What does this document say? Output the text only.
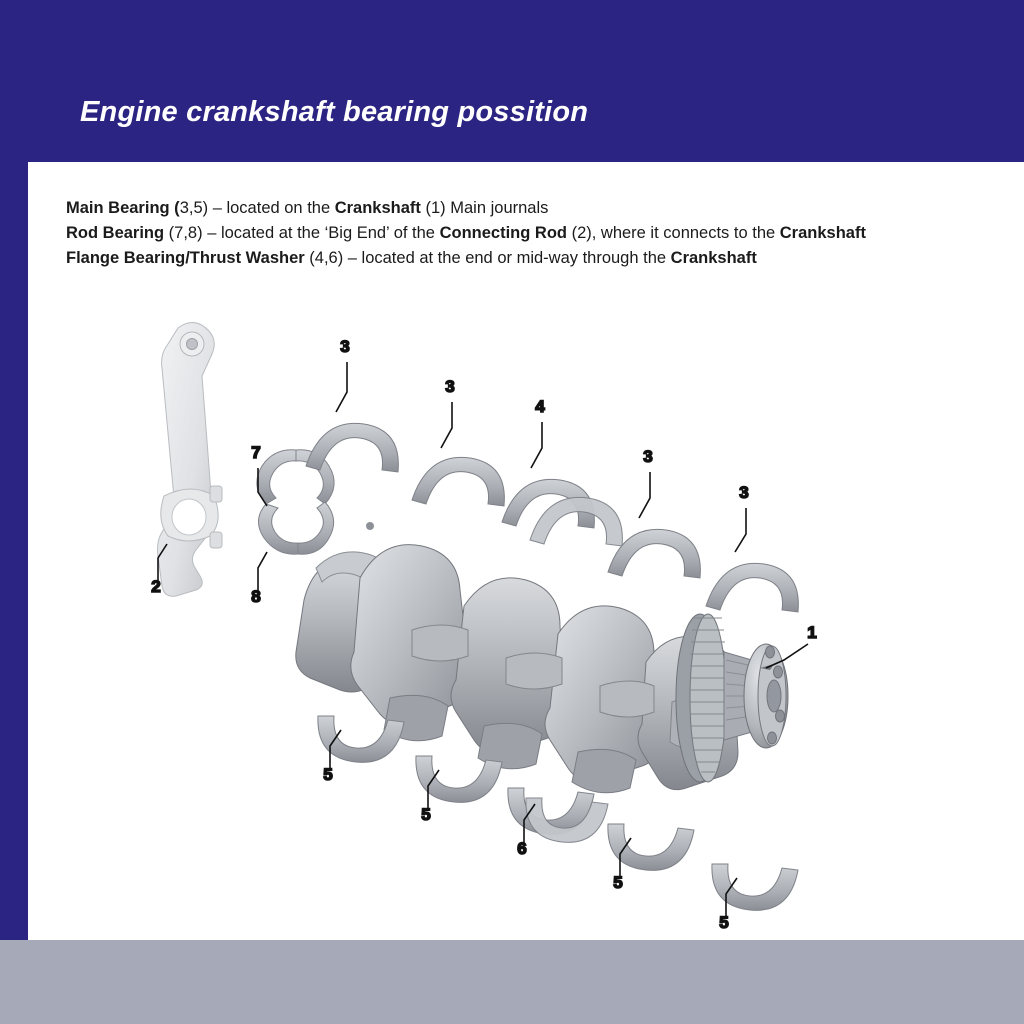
Engine crankshaft bearing possition
Main Bearing (3,5) – located on the Crankshaft (1) Main journals
Rod Bearing (7,8) – located at the ‘Big End’ of the Connecting Rod (2), where it connects to the Crankshaft
Flange Bearing/Thrust Washer (4,6) – located at the end or mid-way through the Crankshaft
3
3
4
3
3
7
8
2
1
5
5
6
5
5
